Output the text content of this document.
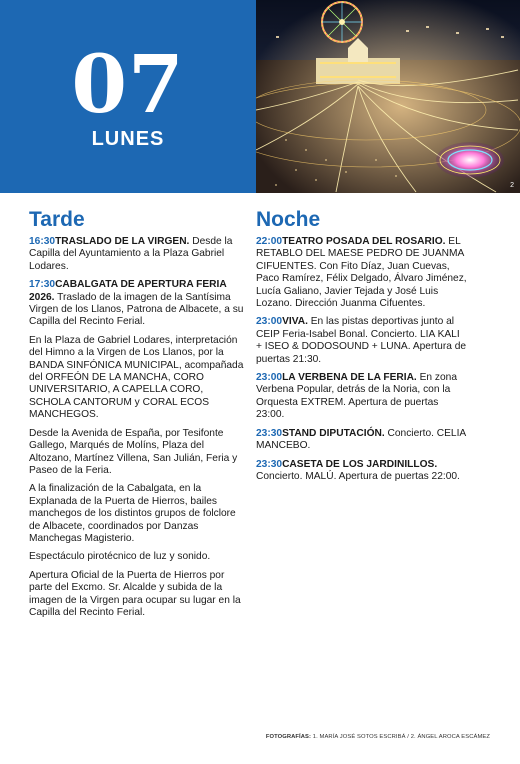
07
LUNES
2
Tarde

16:30TRASLADO DE LA VIRGEN. Desde la Capilla del Ayuntamiento a la Plaza Gabriel Lodares.

17:30CABALGATA DE APERTURA FERIA 2026. Traslado de la imagen de la Santísima Virgen de los Llanos, Patrona de Albacete, a su Capilla del Recinto Ferial.

En la Plaza de Gabriel Lodares, interpretación del Himno a la Virgen de Los Llanos, por la BANDA SINFÓNICA MUNICIPAL, acompañada del ORFEÓN DE LA MANCHA, CORO UNIVERSITARIO, A CAPELLA CORO, SCHOLA CANTORUM y CORAL ECOS MANCHEGOS.

Desde la Avenida de España, por Tesifonte Gallego, Marqués de Molíns, Plaza del Altozano, Martínez Villena, San Julián, Feria y Paseo de la Feria.

A la finalización de la Cabalgata, en la Explanada de la Puerta de Hierros, bailes manchegos de los distintos grupos de folclore de Albacete, coordinados por Danzas Manchegas Magisterio.

Espectáculo pirotécnico de luz y sonido.

Apertura Oficial de la Puerta de Hierros por parte del Excmo. Sr. Alcalde y subida de la imagen de la Virgen para ocupar su lugar en la Capilla del Recinto Ferial.

Noche

22:00TEATRO POSADA DEL ROSARIO. EL RETABLO DEL MAESE PEDRO DE JUANMA CIFUENTES. Con Fito Díaz, Juan Cuevas, Paco Ramírez, Félix Delgado, Álvaro Jiménez, Lucía Galiano, Javier Tejada y José Luis Lozano. Dirección Juanma Cifuentes.

23:00VIVA. En las pistas deportivas junto al CEIP Feria-Isabel Bonal. Concierto. LIA KALI + ISEO & DODOSOUND + LUNA. Apertura de puertas 21:30.

23:00LA VERBENA DE LA FERIA. En zona Verbena Popular, detrás de la Noria, con la Orquesta EXTREM. Apertura de puertas 23:00.

23:30STAND DIPUTACIÓN. Concierto. CELIA MANCEBO.

23:30CASETA DE LOS JARDINILLOS. Concierto. MALÚ. Apertura de puertas 22:00.

FOTOGRAFÍAS: 1. MARÍA JOSÉ SOTOS ESCRIBÁ / 2. ÁNGEL AROCA ESCÁMEZ
